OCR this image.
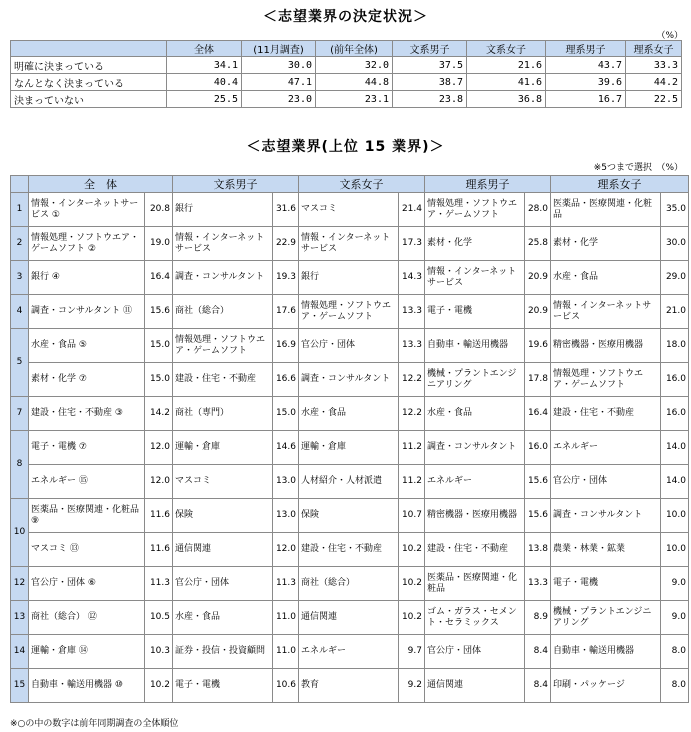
＜志望業界の決定状況＞
（%）
	全体	(11月調査)	(前年全体)	文系男子	文系女子	理系男子	理系女子
明確に決まっている	34.1	30.0	32.0	37.5	21.6	43.7	33.3
なんとなく決まっている	40.4	47.1	44.8	38.7	41.6	39.6	44.2
決まっていない	25.5	23.0	23.1	23.8	36.8	16.7	22.5
＜志望業界(上位 15 業界)＞
※5つまで選択　（%）
	全　体		文系男子		文系女子		理系男子		理系女子	
1	情報・インターネットサービス ①	20.8	銀行	31.6	マスコミ	21.4	情報処理・ソフトウエア・ゲームソフト	28.0	医薬品・医療関連・化粧品	35.0
2	情報処理・ソフトウエア・ゲームソフト ②	19.0	情報・インターネットサービス	22.9	情報・インターネットサービス	17.3	素材・化学	25.8	素材・化学	30.0
3	銀行 ④	16.4	調査・コンサルタント	19.3	銀行	14.3	情報・インターネットサービス	20.9	水産・食品	29.0
4	調査・コンサルタント ⑪	15.6	商社（総合）	17.6	情報処理・ソフトウエア・ゲームソフト	13.3	電子・電機	20.9	情報・インターネットサービス	21.0
5	水産・食品 ⑤	15.0	情報処理・ソフトウエア・ゲームソフト	16.9	官公庁・団体	13.3	自動車・輸送用機器	19.6	精密機器・医療用機器	18.0
	素材・化学 ⑦	15.0	建設・住宅・不動産	16.6	調査・コンサルタント	12.2	機械・プラントエンジニアリング	17.8	情報処理・ソフトウエア・ゲームソフト	16.0
7	建設・住宅・不動産 ③	14.2	商社（専門）	15.0	水産・食品	12.2	水産・食品	16.4	建設・住宅・不動産	16.0
8	電子・電機 ⑦	12.0	運輸・倉庫	14.6	運輸・倉庫	11.2	調査・コンサルタント	16.0	エネルギー	14.0
	エネルギー ⑮	12.0	マスコミ	13.0	人材紹介・人材派遣	11.2	エネルギー	15.6	官公庁・団体	14.0
10	医薬品・医療関連・化粧品 ⑨	11.6	保険	13.0	保険	10.7	精密機器・医療用機器	15.6	調査・コンサルタント	10.0
	マスコミ ⑬	11.6	通信関連	12.0	建設・住宅・不動産	10.2	建設・住宅・不動産	13.8	農業・林業・鉱業	10.0
12	官公庁・団体 ⑥	11.3	官公庁・団体	11.3	商社（総合）	10.2	医薬品・医療関連・化粧品	13.3	電子・電機	9.0
13	商社（総合） ⑫	10.5	水産・食品	11.0	通信関連	10.2	ゴム・ガラス・セメント・セラミックス	8.9	機械・プラントエンジニアリング	9.0
14	運輸・倉庫 ⑭	10.3	証券・投信・投資顧問	11.0	エネルギー	9.7	官公庁・団体	8.4	自動車・輸送用機器	8.0
15	自動車・輸送用機器 ⑩	10.2	電子・電機	10.6	教育	9.2	通信関連	8.4	印刷・パッケージ	8.0
※○の中の数字は前年同期調査の全体順位
